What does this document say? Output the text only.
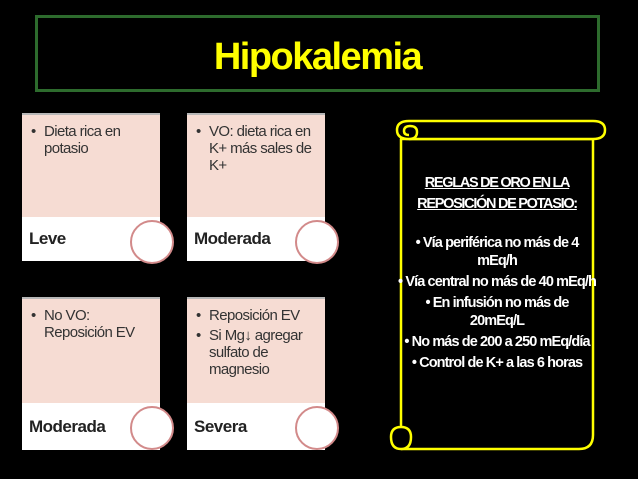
Hipokalemia
• Dieta rica en potasio
Leve
• VO: dieta rica en K+ más sales de K+
Moderada
• No VO: Reposición EV
Moderada
• Reposición EV
• Si Mg↓ agregar sulfato de magnesio
Severa
REGLAS DE ORO EN LA
REPOSICIÓN DE POTASIO:
• Vía periférica no más de 4 mEq/h
• Vía central no más de 40 mEq/h
• En infusión no más de 20mEq/L
• No más de 200 a 250 mEq/día
• Control de K+ a las 6 horas
